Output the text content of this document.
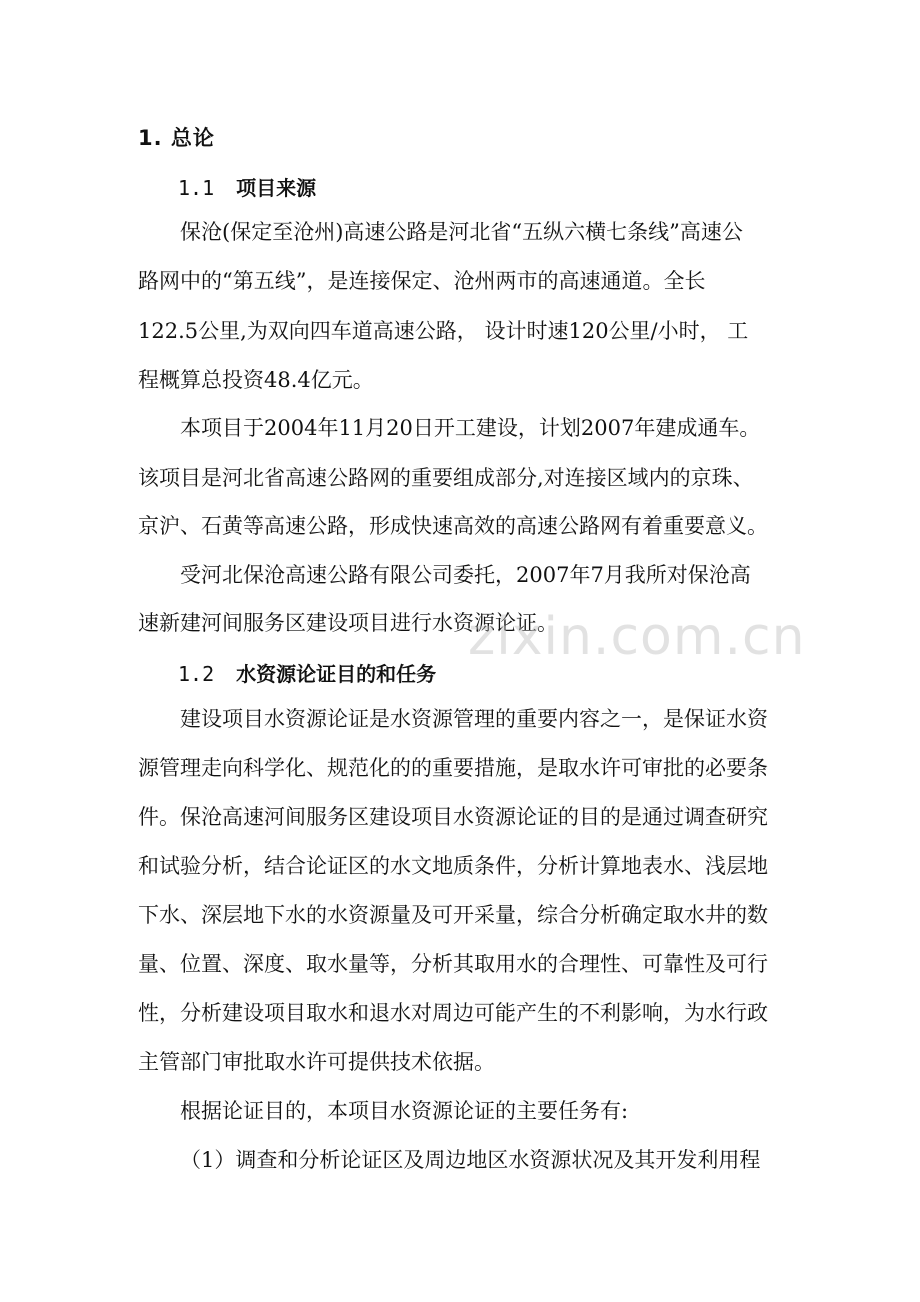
1. 总论
1.1 项目来源

保沧(保定至沧州)高速公路是河北省“五纵六横七条线”高速公

路网中的“第五线”，是连接保定、沧州两市的高速通道。全长

122.5公里,为双向四车道高速公路， 设计时速120公里/小时， 工

程概算总投资48.4亿元。

本项目于2004年11月20日开工建设，计划2007年建成通车。

该项目是河北省高速公路网的重要组成部分,对连接区域内的京珠、

京沪、石黄等高速公路，形成快速高效的高速公路网有着重要意义。

受河北保沧高速公路有限公司委托，2007年7月我所对保沧高

速新建河间服务区建设项目进行水资源论证。

1.2 水资源论证目的和任务

建设项目水资源论证是水资源管理的重要内容之一，是保证水资

源管理走向科学化、规范化的的重要措施，是取水许可审批的必要条

件。保沧高速河间服务区建设项目水资源论证的目的是通过调查研究

和试验分析，结合论证区的水文地质条件，分析计算地表水、浅层地

下水、深层地下水的水资源量及可开采量，综合分析确定取水井的数

量、位置、深度、取水量等，分析其取用水的合理性、可靠性及可行

性，分析建设项目取水和退水对周边可能产生的不利影响，为水行政

主管部门审批取水许可提供技术依据。

根据论证目的，本项目水资源论证的主要任务有:

（1）调查和分析论证区及周边地区水资源状况及其开发利用程

zixin.com.cn
